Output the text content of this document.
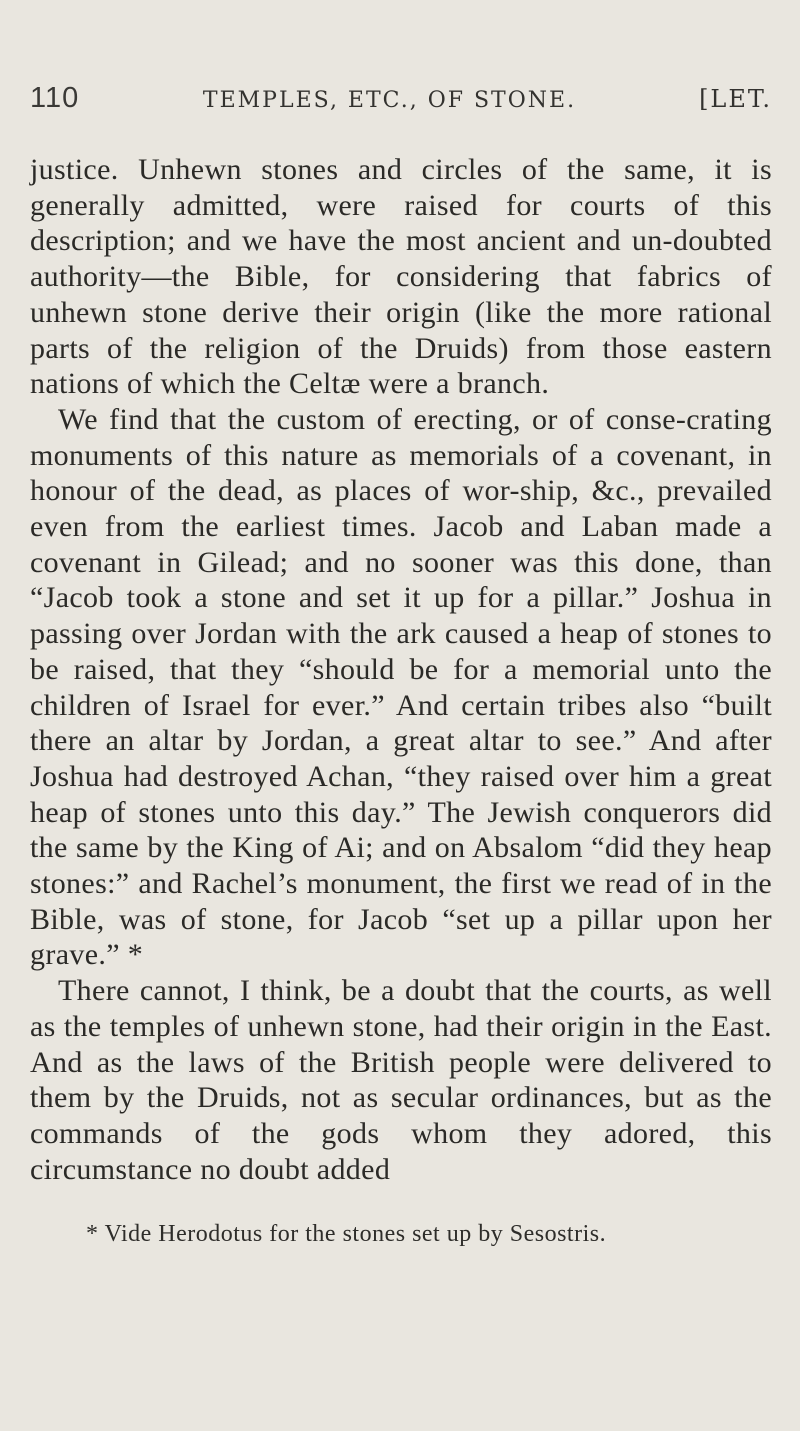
110	TEMPLES, ETC., OF STONE.	[LET.

justice. Unhewn stones and circles of the same, it is generally admitted, were raised for courts of this description; and we have the most ancient and un-doubted authority—the Bible, for considering that fabrics of unhewn stone derive their origin (like the more rational parts of the religion of the Druids) from those eastern nations of which the Celtæ were a branch.

We find that the custom of erecting, or of conse-crating monuments of this nature as memorials of a covenant, in honour of the dead, as places of wor-ship, &c., prevailed even from the earliest times. Jacob and Laban made a covenant in Gilead; and no sooner was this done, than “Jacob took a stone and set it up for a pillar.” Joshua in passing over Jordan with the ark caused a heap of stones to be raised, that they “should be for a memorial unto the children of Israel for ever.” And certain tribes also “built there an altar by Jordan, a great altar to see.” And after Joshua had destroyed Achan, “they raised over him a great heap of stones unto this day.” The Jewish conquerors did the same by the King of Ai; and on Absalom “did they heap stones:” and Rachel’s monument, the first we read of in the Bible, was of stone, for Jacob “set up a pillar upon her grave.” *

There cannot, I think, be a doubt that the courts, as well as the temples of unhewn stone, had their origin in the East. And as the laws of the British people were delivered to them by the Druids, not as secular ordinances, but as the commands of the gods whom they adored, this circumstance no doubt added

* Vide Herodotus for the stones set up by Sesostris.
